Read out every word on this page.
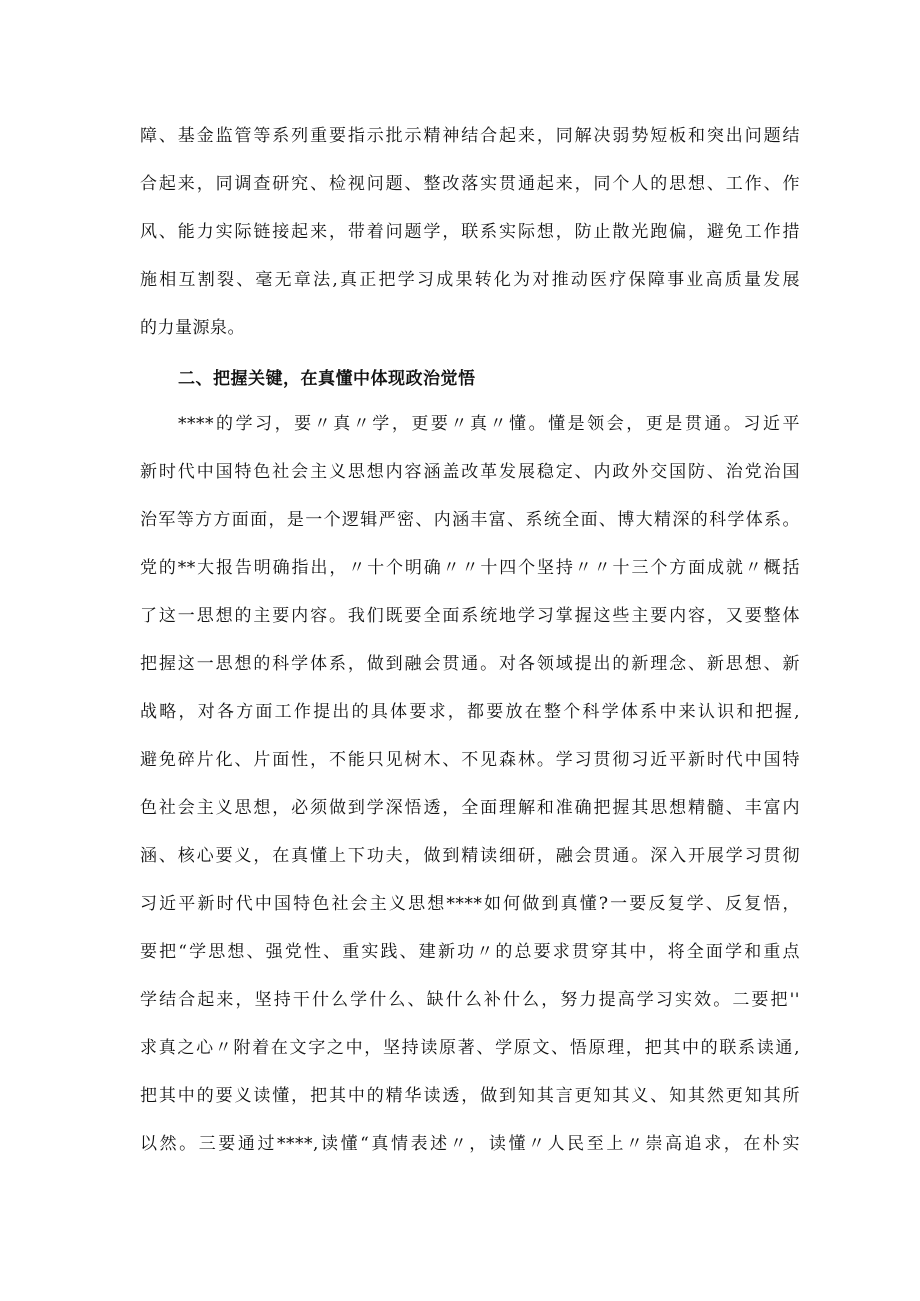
障、基金监管等系列重要指示批示精神结合起来，同解决弱势短板和突出问题结
合起来，同调查研究、检视问题、整改落实贯通起来，同个人的思想、工作、作
风、能力实际链接起来，带着问题学，联系实际想，防止散光跑偏，避免工作措
施相互割裂、毫无章法,真正把学习成果转化为对推动医疗保障事业高质量发展
的力量源泉。
二、把握关键，在真懂中体现政治觉悟
****的学习，要〃真〃学，更要〃真〃懂。懂是领会，更是贯通。习近平
新时代中国特色社会主义思想内容涵盖改革发展稳定、内政外交国防、治党治国
治军等方方面面，是一个逻辑严密、内涵丰富、系统全面、博大精深的科学体系。
党的**大报告明确指出，〃十个明确〃〃十四个坚持〃〃十三个方面成就〃概括
了这一思想的主要内容。我们既要全面系统地学习掌握这些主要内容，又要整体
把握这一思想的科学体系，做到融会贯通。对各领域提出的新理念、新思想、新
战略，对各方面工作提出的具体要求，都要放在整个科学体系中来认识和把握,
避免碎片化、片面性，不能只见树木、不见森林。学习贯彻习近平新时代中国特
色社会主义思想，必须做到学深悟透，全面理解和准确把握其思想精髓、丰富内
涵、核心要义，在真懂上下功夫，做到精读细研，融会贯通。深入开展学习贯彻
习近平新时代中国特色社会主义思想****如何做到真懂?一要反复学、反复悟，
要把“学思想、强党性、重实践、建新功〃的总要求贯穿其中，将全面学和重点
学结合起来，坚持干什么学什么、缺什么补什么，努力提高学习实效。二要把''
求真之心〃附着在文字之中，坚持读原著、学原文、悟原理，把其中的联系读通,
把其中的要义读懂，把其中的精华读透，做到知其言更知其义、知其然更知其所
以然。三要通过****,读懂“真情表述〃，读懂〃人民至上〃崇高追求，在朴实
